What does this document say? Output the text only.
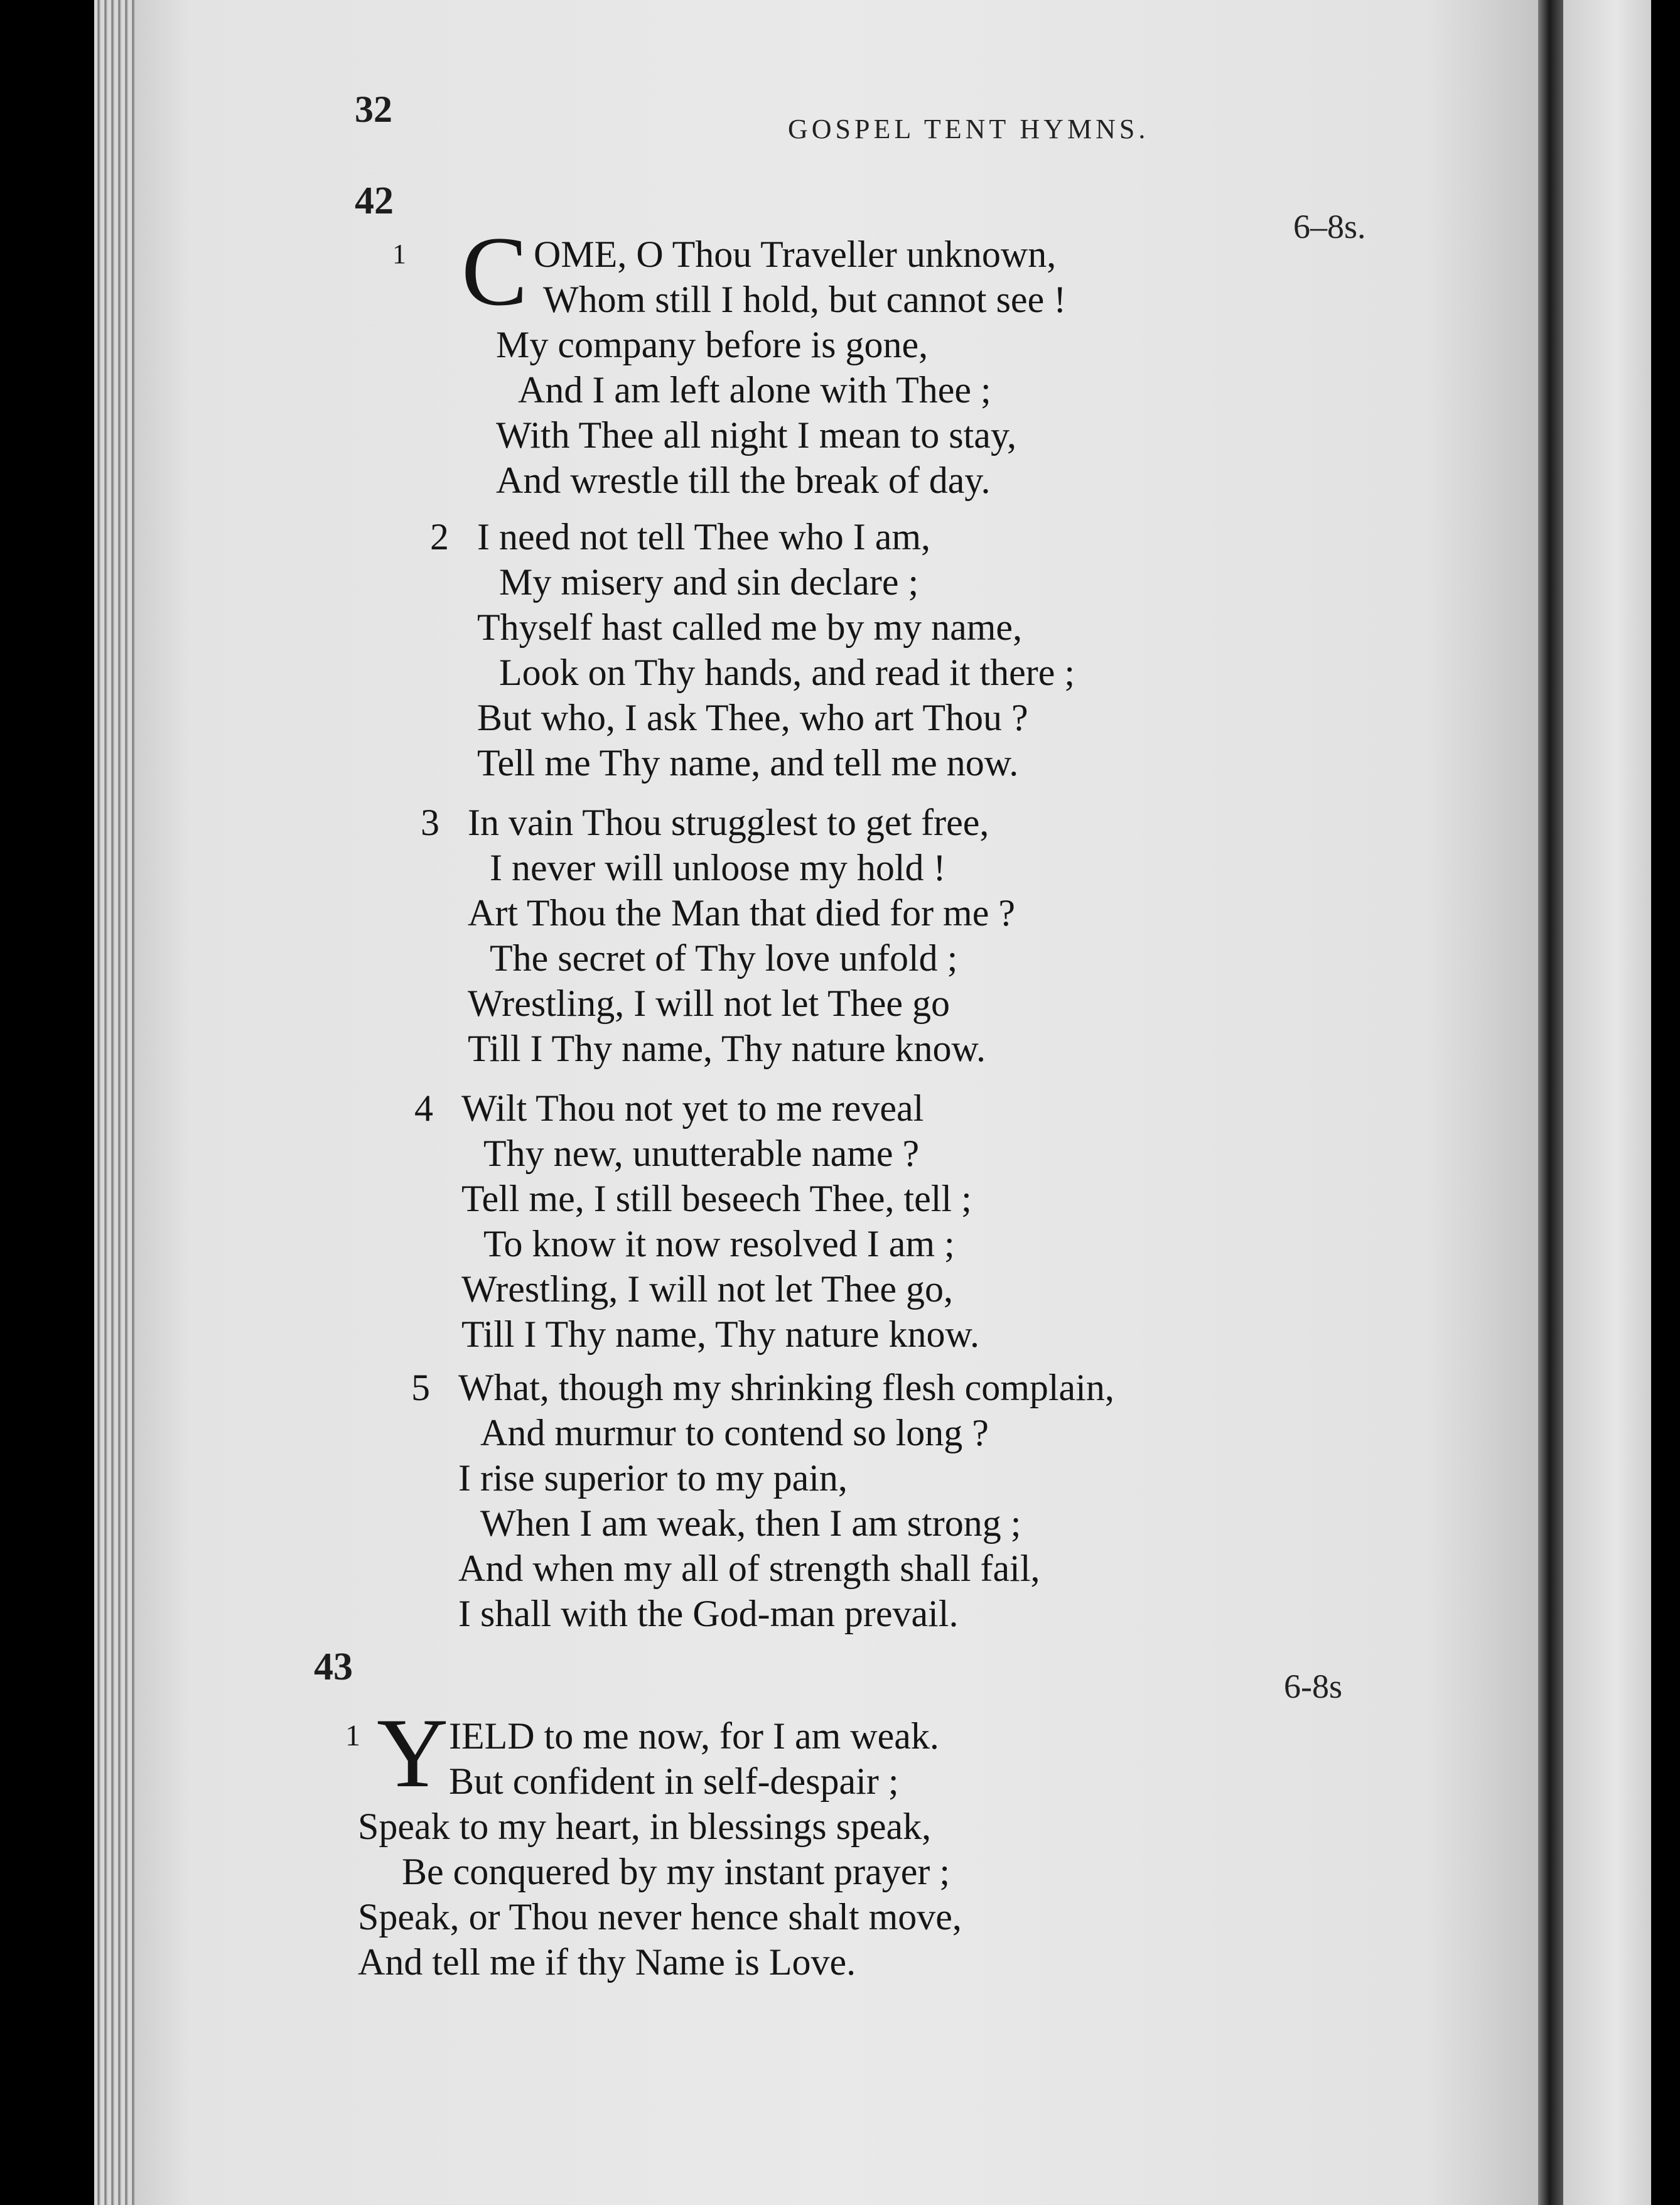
32	GOSPEL TENT HYMNS.
42
6–8s.
1 C OME, O Thou Traveller unknown,
Whom still I hold, but cannot see !
My company before is gone,
And I am left alone with Thee ;
With Thee all night I mean to stay,
And wrestle till the break of day.
2 I need not tell Thee who I am,
My misery and sin declare ;
Thyself hast called me by my name,
Look on Thy hands, and read it there ;
But who, I ask Thee, who art Thou ?
Tell me Thy name, and tell me now.
3 In vain Thou strugglest to get free,
I never will unloose my hold !
Art Thou the Man that died for me ?
The secret of Thy love unfold ;
Wrestling, I will not let Thee go
Till I Thy name, Thy nature know.
4 Wilt Thou not yet to me reveal
Thy new, unutterable name ?
Tell me, I still beseech Thee, tell ;
To know it now resolved I am ;
Wrestling, I will not let Thee go,
Till I Thy name, Thy nature know.
5 What, though my shrinking flesh complain,
And murmur to contend so long ?
I rise superior to my pain,
When I am weak, then I am strong ;
And when my all of strength shall fail,
I shall with the God-man prevail.
43	6-8s
1 Y IELD to me now, for I am weak.
But confident in self-despair ;
Speak to my heart, in blessings speak,
Be conquered by my instant prayer ;
Speak, or Thou never hence shalt move,
And tell me if thy Name is Love.
